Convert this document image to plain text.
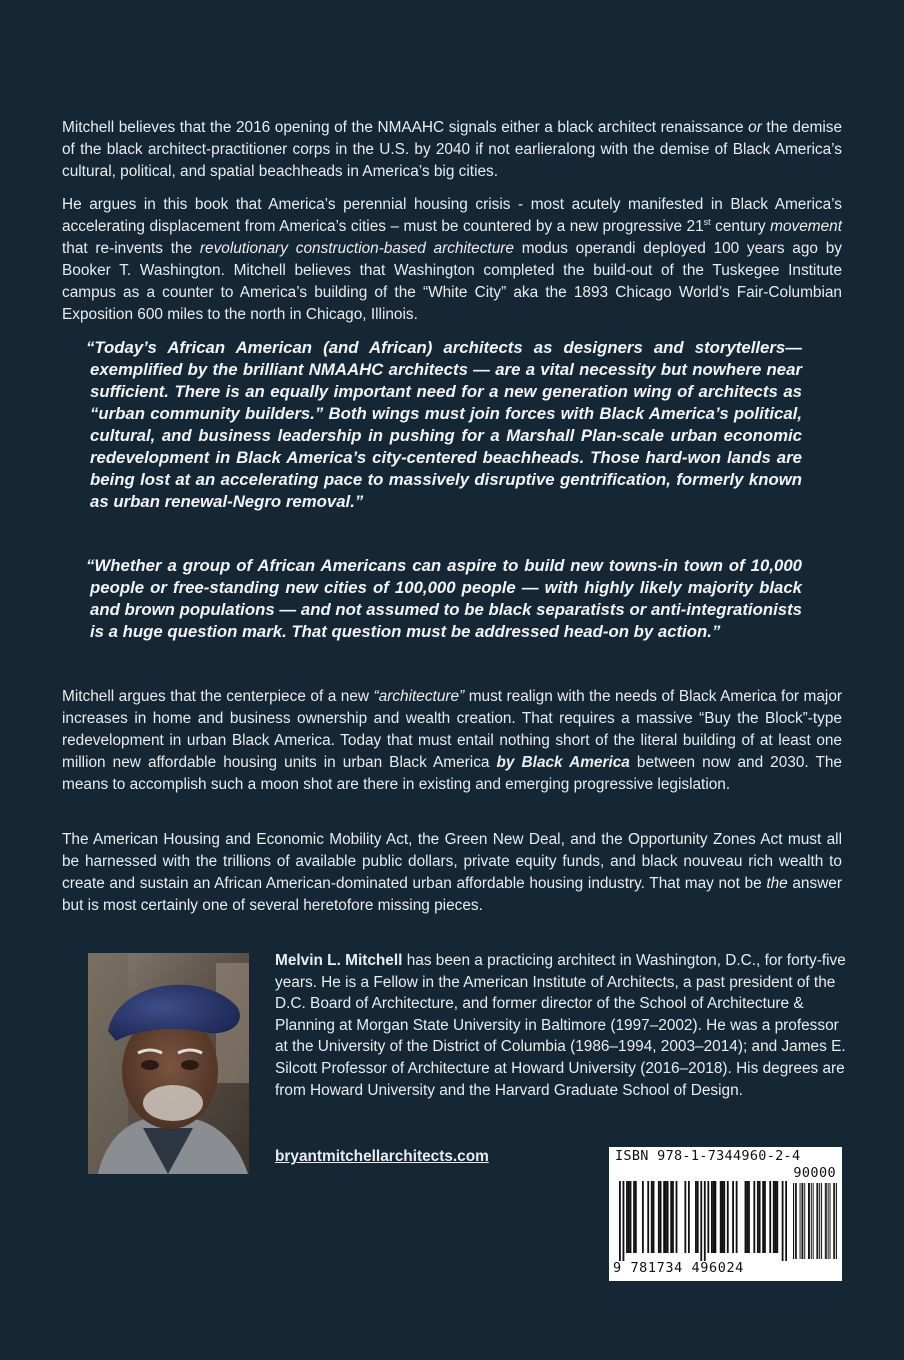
Mitchell believes that the 2016 opening of the NMAAHC signals either a black architect renaissance or the demise of the black architect-practitioner corps in the U.S. by 2040 if not earlieralong with the demise of Black America’s cultural, political, and spatial beachheads in America’s big cities.

He argues in this book that America’s perennial housing crisis - most acutely manifested in Black America’s accelerating displacement from America’s cities – must be countered by a new progressive 21st century movement that re-invents the revolutionary construction-based architecture modus operandi deployed 100 years ago by Booker T. Washington. Mitchell believes that Washington completed the build-out of the Tuskegee Institute campus as a counter to America’s building of the “White City” aka the 1893 Chicago World’s Fair-Columbian Exposition 600 miles to the north in Chicago, Illinois.

“Today’s African American (and African) architects as designers and storytellers—exemplified by the brilliant NMAAHC architects — are a vital necessity but nowhere near sufficient. There is an equally important need for a new generation wing of architects as “urban community builders.” Both wings must join forces with Black America’s political, cultural, and business leadership in pushing for a Marshall Plan-scale urban economic redevelopment in Black America’s city-centered beachheads. Those hard-won lands are being lost at an accelerating pace to massively disruptive gentrification, formerly known as urban renewal-Negro removal.”

“Whether a group of African Americans can aspire to build new towns-in town of 10,000 people or free-standing new cities of 100,000 people — with highly likely majority black and brown populations — and not assumed to be black separatists or anti-integrationists is a huge question mark. That question must be addressed head-on by action.”

Mitchell argues that the centerpiece of a new “architecture” must realign with the needs of Black America for major increases in home and business ownership and wealth creation. That requires a massive “Buy the Block”-type redevelopment in urban Black America. Today that must entail nothing short of the literal building of at least one million new affordable housing units in urban Black America by Black America between now and 2030. The means to accomplish such a moon shot are there in existing and emerging progressive legislation.

The American Housing and Economic Mobility Act, the Green New Deal, and the Opportunity Zones Act must all be harnessed with the trillions of available public dollars, private equity funds, and black nouveau rich wealth to create and sustain an African American-dominated urban affordable housing industry. That may not be the answer but is most certainly one of several heretofore missing pieces.

Melvin L. Mitchell has been a practicing architect in Washington, D.C., for forty-five years. He is a Fellow in the American Institute of Architects, a past president of the D.C. Board of Architecture, and former director of the School of Architecture & Planning at Morgan State University in Baltimore (1997–2002). He was a professor at the University of the District of Columbia (1986–1994, 2003–2014); and James E. Silcott Professor of Architecture at Howard University (2016–2018). His degrees are from Howard University and the Harvard Graduate School of Design.

bryantmitchellarchitects.com	ISBN 978-1-7344960-2-4
90000
9 781734 496024
